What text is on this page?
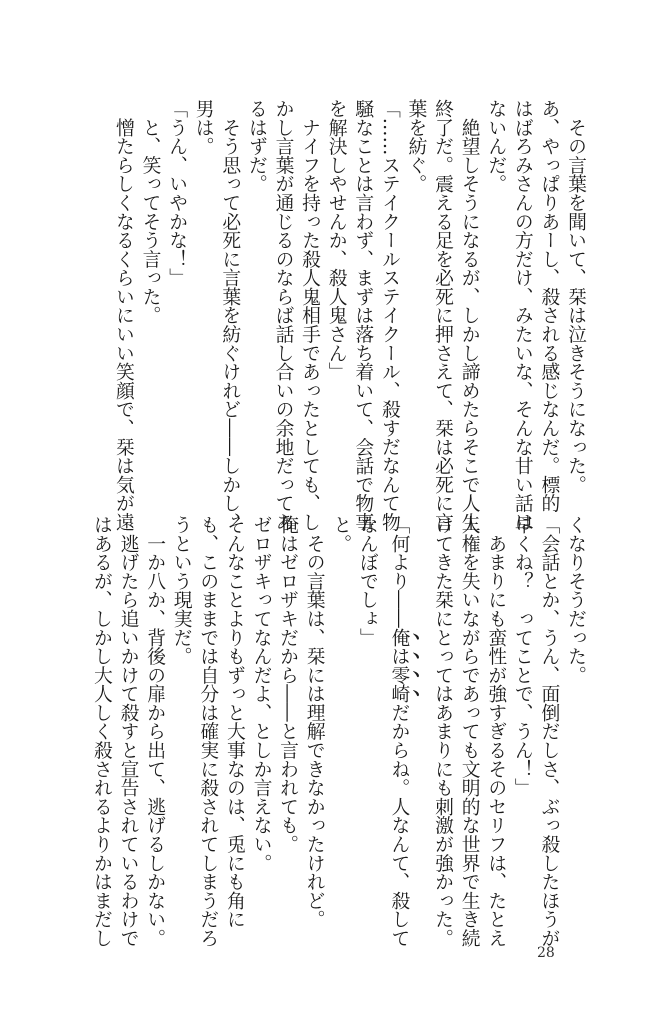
　その言葉を聞いて、栞は泣きそうになった。
あ、やっぱりあーし、殺される感じなんだ。標的
はばろみさんの方だけ、みたいな、そんな甘い話は
ないんだ。
　絶望しそうになるが、しかし諦めたらそこで人生
終了だ。震える足を必死に押さえて、栞は必死に言
葉を紡ぐ。
「……ステイクールステイクール、殺すだなんて物
騒なことは言わず、まずは落ち着いて、会話で物事
を解決しやせんか、殺人鬼さん」
　ナイフを持った殺人鬼相手であったとしても、し
かし言葉が通じるのならば話し合いの余地だってあ
るはずだ。
　そう思って必死に言葉を紡ぐけれど――しかし、
男は。
「うん、いやかな！」
　と、笑ってそう言った。
　憎たらしくなるくらいにいい笑顔で、栞は気が遠
くなりそうだった。
「会話とか、うん、面倒だしさ、ぶっ殺したほうが
早くね？　ってことで、うん！」
　あまりにも蛮性が強すぎるそのセリフは、たとえ
人権を失いながらであっても文明的な世界で生き続
けてきた栞にとってはあまりにも刺激が強かった。
「何より――俺は零崎だからね。人なんて、殺して
なんぼでしょ」
と。
　その言葉は、栞には理解できなかったけれど。
俺はゼロザキだから――と言われても。
ゼロザキってなんだよ、としか言えない。
そんなことよりもずっと大事なのは、兎にも角に
も、このままでは自分は確実に殺されてしまうだろ
うという現実だ。
　一か八か、背後の扉から出て、逃げるしかない。
　逃げたら追いかけて殺すと宣告されているわけで
はあるが、しかし大人しく殺されるよりかはまだし
28
